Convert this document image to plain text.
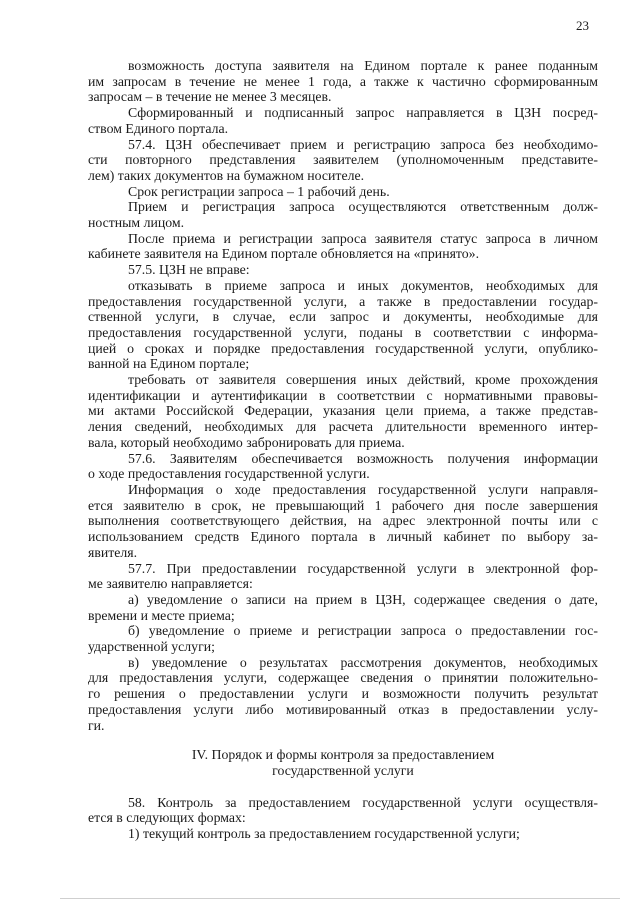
23
возможность доступа заявителя на Едином портале к ранее поданным
им запросам в течение не менее 1 года, а также к частично сформированным
запросам – в течение не менее 3 месяцев.
Сформированный и подписанный запрос направляется в ЦЗН посред-
ством Единого портала.
57.4. ЦЗН обеспечивает прием и регистрацию запроса без необходимо-
сти повторного представления заявителем (уполномоченным представите-
лем) таких документов на бумажном носителе.
Срок регистрации запроса – 1 рабочий день.
Прием и регистрация запроса осуществляются ответственным долж-
ностным лицом.
После приема и регистрации запроса заявителя статус запроса в личном
кабинете заявителя на Едином портале обновляется на «принято».
57.5. ЦЗН не вправе:
отказывать в приеме запроса и иных документов, необходимых для
предоставления государственной услуги, а также в предоставлении государ-
ственной услуги, в случае, если запрос и документы, необходимые для
предоставления государственной услуги, поданы в соответствии с информа-
цией о сроках и порядке предоставления государственной услуги, опублико-
ванной на Едином портале;
требовать от заявителя совершения иных действий, кроме прохождения
идентификации и аутентификации в соответствии с нормативными правовы-
ми актами Российской Федерации, указания цели приема, а также представ-
ления сведений, необходимых для расчета длительности временного интер-
вала, который необходимо забронировать для приема.
57.6. Заявителям обеспечивается возможность получения информации
о ходе предоставления государственной услуги.
Информация о ходе предоставления государственной услуги направля-
ется заявителю в срок, не превышающий 1 рабочего дня после завершения
выполнения соответствующего действия, на адрес электронной почты или с
использованием средств Единого портала в личный кабинет по выбору за-
явителя.
57.7. При предоставлении государственной услуги в электронной фор-
ме заявителю направляется:
а) уведомление о записи на прием в ЦЗН, содержащее сведения о дате,
времени и месте приема;
б) уведомление о приеме и регистрации запроса о предоставлении гос-
ударственной услуги;
в) уведомление о результатах рассмотрения документов, необходимых
для предоставления услуги, содержащее сведения о принятии положительно-
го решения о предоставлении услуги и возможности получить результат
предоставления услуги либо мотивированный отказ в предоставлении услу-
ги.
IV. Порядок и формы контроля за предоставлением
государственной услуги
58. Контроль за предоставлением государственной услуги осуществля-
ется в следующих формах:
1) текущий контроль за предоставлением государственной услуги;
